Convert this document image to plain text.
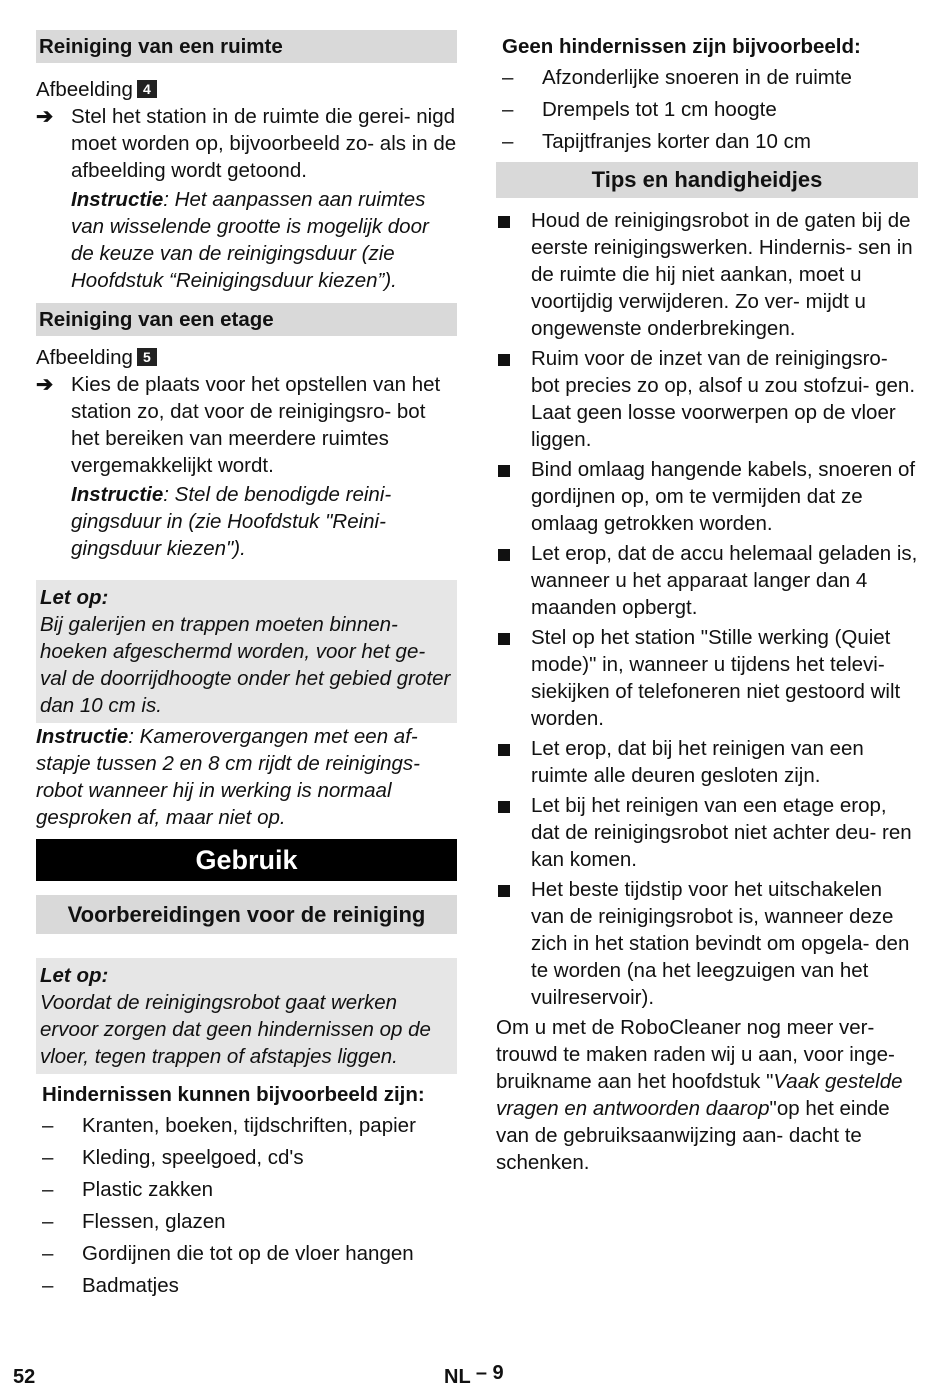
Reiniging van een ruimte
Afbeelding 4
➔ Stel het station in de ruimte die gerei- nigd moet worden op, bijvoorbeeld zo- als in de afbeelding wordt getoond.
Instructie: Het aanpassen aan ruimtes van wisselende grootte is mogelijk door de keuze van de reinigingsduur (zie Hoofdstuk “Reinigingsduur kiezen”).
Reiniging van een etage
Afbeelding 5
➔ Kies de plaats voor het opstellen van het station zo, dat voor de reinigingsro- bot het bereiken van meerdere ruimtes vergemakkelijkt wordt.
Instructie: Stel de benodigde reini- gingsduur in (zie Hoofdstuk "Reini- gingsduur kiezen").
Let op:
Bij galerijen en trappen moeten binnen- hoeken afgeschermd worden, voor het ge- val de doorrijdhoogte onder het gebied groter dan 10 cm is.
Instructie: Kamerovergangen met een af- stapje tussen 2 en 8 cm rijdt de reinigings- robot wanneer hij in werking is normaal gesproken af, maar niet op.
Gebruik
Voorbereidingen voor de reiniging
Let op:
Voordat de reinigingsrobot gaat werken ervoor zorgen dat geen hindernissen op de vloer, tegen trappen of afstapjes liggen.
Hindernissen kunnen bijvoorbeeld zijn:
– Kranten, boeken, tijdschriften, papier
– Kleding, speelgoed, cd's
– Plastic zakken
– Flessen, glazen
– Gordijnen die tot op de vloer hangen
– Badmatjes
Geen hindernissen zijn bijvoorbeeld:
– Afzonderlijke snoeren in de ruimte
– Drempels tot 1 cm hoogte
– Tapijtfranjes korter dan 10 cm
Tips en handigheidjes
Houd de reinigingsrobot in de gaten bij de eerste reinigingswerken. Hindernis- sen in de ruimte die hij niet aankan, moet u voortijdig verwijderen. Zo ver- mijdt u ongewenste onderbrekingen.
Ruim voor de inzet van de reinigingsro- bot precies zo op, alsof u zou stofzui- gen. Laat geen losse voorwerpen op de vloer liggen.
Bind omlaag hangende kabels, snoeren of gordijnen op, om te vermijden dat ze omlaag getrokken worden.
Let erop, dat de accu helemaal geladen is, wanneer u het apparaat langer dan 4 maanden opbergt.
Stel op het station "Stille werking (Quiet mode)" in, wanneer u tijdens het televi- siekijken of telefoneren niet gestoord wilt worden.
Let erop, dat bij het reinigen van een ruimte alle deuren gesloten zijn.
Let bij het reinigen van een etage erop, dat de reinigingsrobot niet achter deu- ren kan komen.
Het beste tijdstip voor het uitschakelen van de reinigingsrobot is, wanneer deze zich in het station bevindt om opgela- den te worden (na het leegzuigen van het vuilreservoir).
Om u met de RoboCleaner nog meer ver- trouwd te maken raden wij u aan, voor inge- bruikname aan het hoofdstuk "Vaak gestelde vragen en antwoorden daarop"op het einde van de gebruiksaanwijzing aan- dacht te schenken.
52	NL – 9
